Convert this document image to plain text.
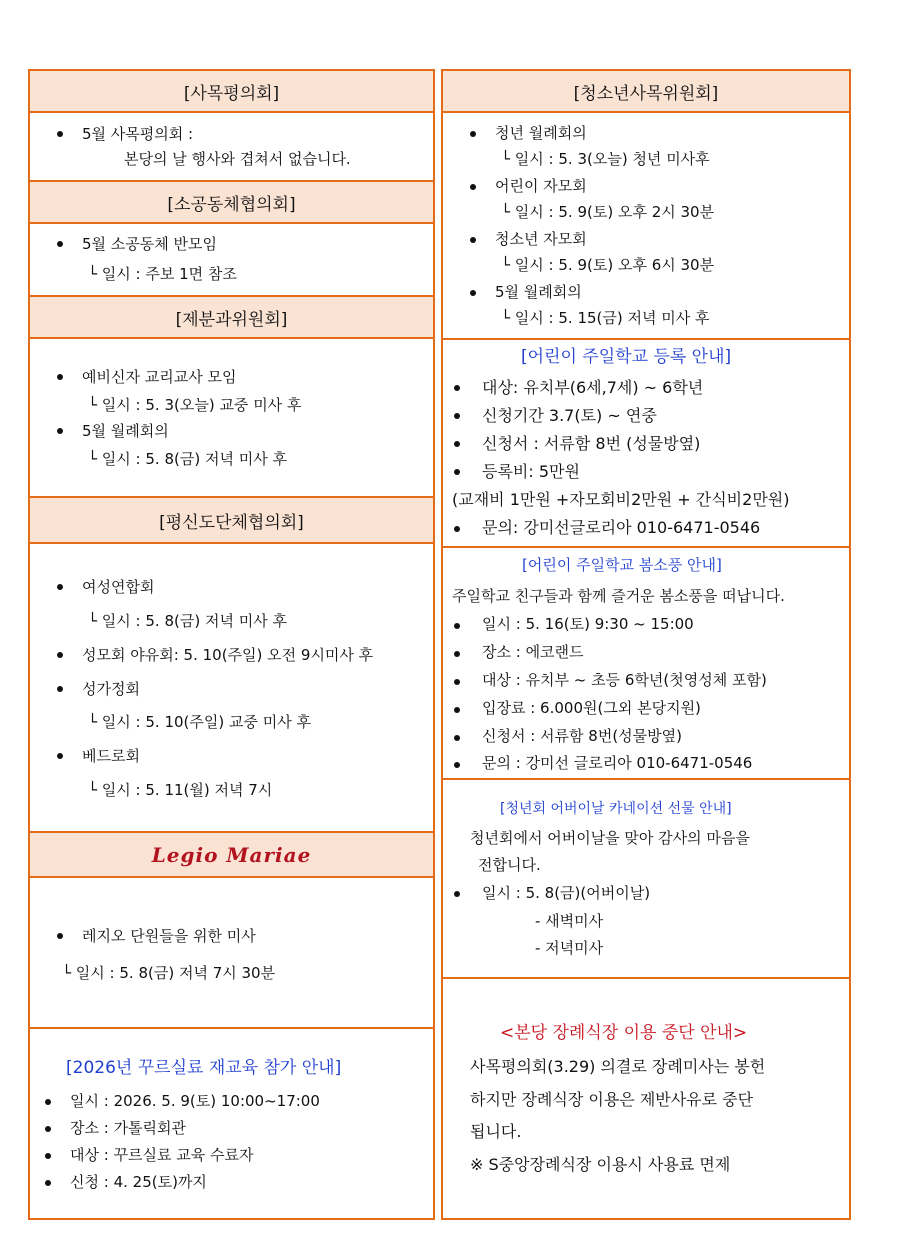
[사목평의회]
5월 사목평의회 :
본당의 날 행사와 겹쳐서 없습니다.
[소공동체협의회]
5월 소공동체 반모임
└ 일시 : 주보 1면 참조
[제분과위원회]
예비신자 교리교사 모임
└ 일시 : 5. 3(오늘) 교중 미사 후
5월 월례회의
└ 일시 : 5. 8(금) 저녁 미사 후
[평신도단체협의회]
여성연합회
└ 일시 : 5. 8(금) 저녁 미사 후
성모회 야유회: 5. 10(주일) 오전 9시미사 후
성가정회
└ 일시 : 5. 10(주일) 교중 미사 후
베드로회
└ 일시 : 5. 11(월) 저녁 7시
Legio Mariae
레지오 단원들을 위한 미사
└ 일시 : 5. 8(금) 저녁 7시 30분
[2026년 꾸르실료 재교육 참가 안내]
일시 : 2026. 5. 9(토) 10:00~17:00
장소 : 가톨릭회관
대상 : 꾸르실료 교육 수료자
신청 : 4. 25(토)까지
[청소년사목위원회]
청년 월례회의
└ 일시 : 5. 3(오늘) 청년 미사후
어린이 자모회
└ 일시 : 5. 9(토) 오후 2시 30분
청소년 자모회
└ 일시 : 5. 9(토) 오후 6시 30분
5월 월례회의
└ 일시 : 5. 15(금) 저녁 미사 후
[어린이 주일학교 등록 안내]
대상: 유치부(6세,7세) ~ 6학년
신청기간 3.7(토) ~ 연중
신청서 : 서류함 8번 (성물방옆)
등록비: 5만원
(교재비 1만원 +자모회비2만원 + 간식비2만원)
문의: 강미선글로리아 010-6471-0546
[어린이 주일학교 봄소풍 안내]
주일학교 친구들과 함께 즐거운 봄소풍을 떠납니다.
일시 : 5. 16(토) 9:30 ~ 15:00
장소 : 에코랜드
대상 : 유치부 ~ 초등 6학년(첫영성체 포함)
입장료 : 6.000원(그외 본당지원)
신청서 : 서류함 8번(성물방옆)
문의 : 강미선 글로리아 010-6471-0546
[청년회 어버이날 카네이션 선물 안내]
청년회에서 어버이날을 맞아 감사의 마음을
전합니다.
일시 : 5. 8(금)(어버이날)
- 새벽미사
- 저녁미사
<본당 장례식장 이용 중단 안내>
사목평의회(3.29) 의결로 장례미사는 봉헌
하지만 장례식장 이용은 제반사유로 중단
됩니다.
※ S중앙장례식장 이용시 사용료 면제
